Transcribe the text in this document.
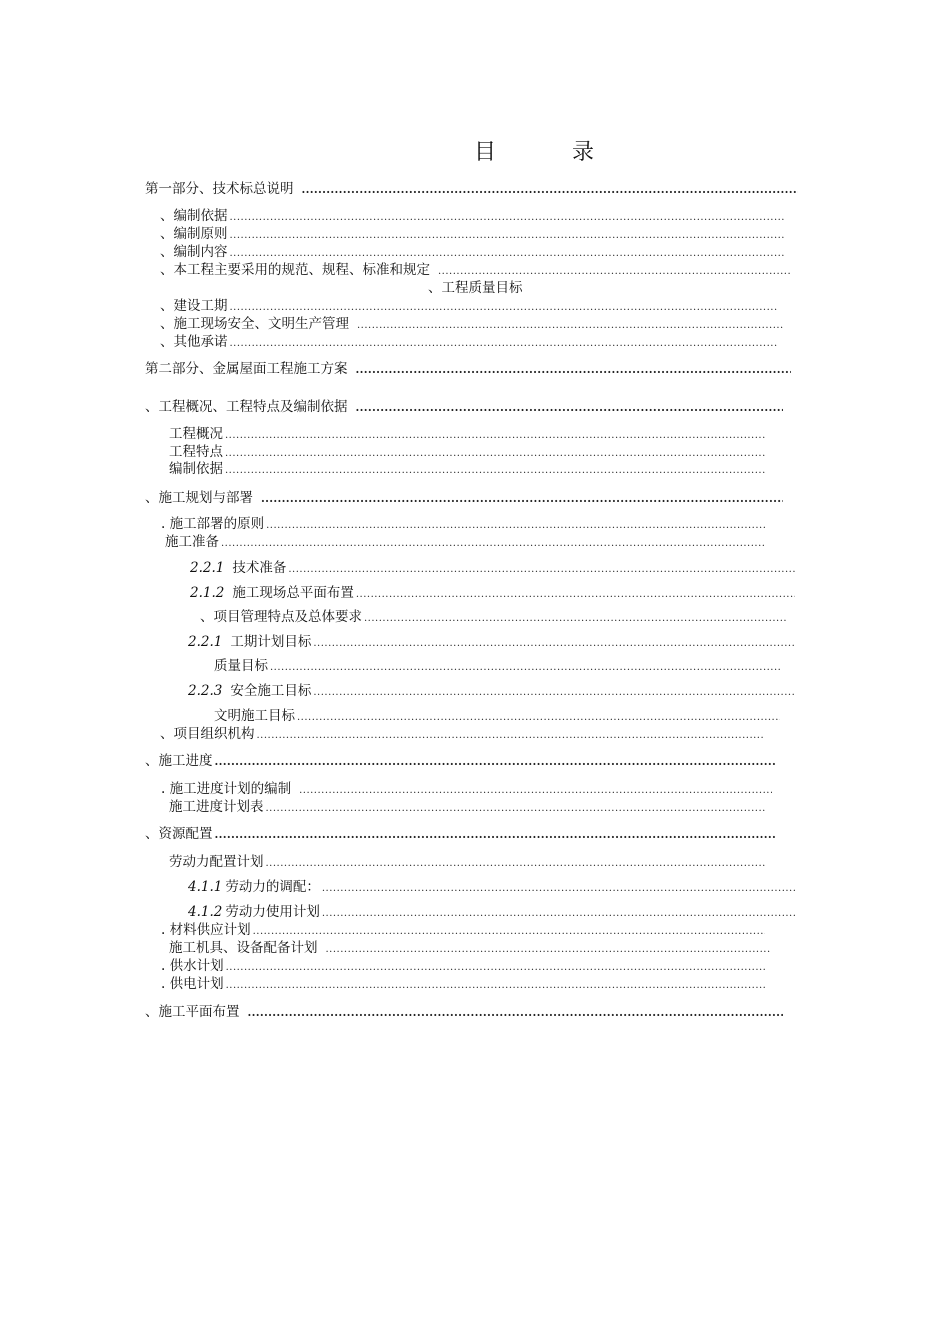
目	录
第一部分、技术标总说明
.....
、编制依据
.....
、编制原则
.....
、编制内容
.....
、本工程主要采用的规范、规程、标准和规定
.....
、工程质量目标
、建设工期
.....
、施工现场安全、文明生产管理
.....
、其他承诺
.....
第二部分、金属屋面工程施工方案
.....
、工程概况、工程特点及编制依据
.....
工程概况
.....
工程特点
.....
编制依据
.....
、施工规划与部署
.....
. 施工部署的原则
.....
施工准备
.....
2.2.1 技术准备
.....
2.1.2 施工现场总平面布置
.....
、项目管理特点及总体要求
.....
2.2.1 工期计划目标
.....
质量目标
.....
2.2.3 安全施工目标
.....
文明施工目标
.....
、项目组织机构
.....
、施工进度
.....
. 施工进度计划的编制
.....
施工进度计划表
.....
、资源配置
.....
劳动力配置计划
.....
4.1.1 劳动力的调配：
.....
4.1.2 劳动力使用计划
.....
. 材料供应计划
.....
施工机具、设备配备计划
.....
. 供水计划
.....
. 供电计划
.....
、施工平面布置
.....
